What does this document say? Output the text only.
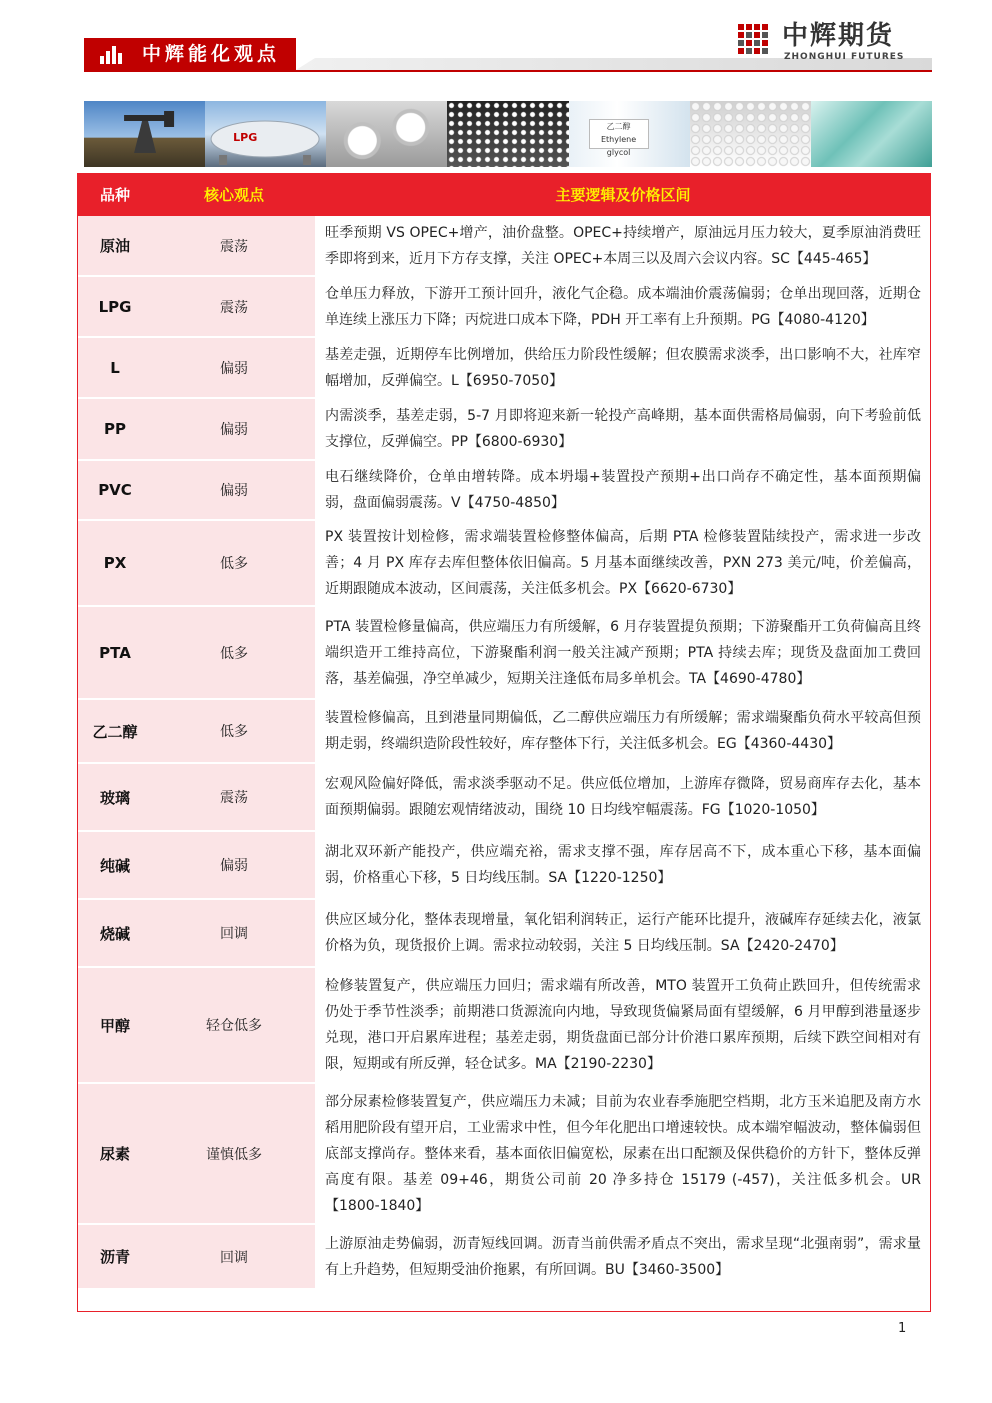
中辉能化观点
中辉期货
ZHONGHUI FUTURES
LPG
乙二醇 Ethylene glycol
品种	核心观点	主要逻辑及价格区间
原油	震荡	旺季预期 VS OPEC+增产，油价盘整。OPEC+持续增产，原油远月压力较大，夏季原油消费旺季即将到来，近月下方存支撑，关注 OPEC+本周三以及周六会议内容。SC【445-465】
LPG	震荡	仓单压力释放，下游开工预计回升，液化气企稳。成本端油价震荡偏弱；仓单出现回落，近期仓单连续上涨压力下降；丙烷进口成本下降，PDH 开工率有上升预期。PG【4080-4120】
L	偏弱	基差走强，近期停车比例增加，供给压力阶段性缓解；但农膜需求淡季，出口影响不大，社库窄幅增加，反弹偏空。L【6950-7050】
PP	偏弱	内需淡季，基差走弱，5-7 月即将迎来新一轮投产高峰期，基本面供需格局偏弱，向下考验前低支撑位，反弹偏空。PP【6800-6930】
PVC	偏弱	电石继续降价，仓单由增转降。成本坍塌+装置投产预期+出口尚存不确定性，基本面预期偏弱，盘面偏弱震荡。V【4750-4850】
PX	低多	PX 装置按计划检修，需求端装置检修整体偏高，后期 PTA 检修装置陆续投产，需求进一步改善；4 月 PX 库存去库但整体依旧偏高。5 月基本面继续改善，PXN 273 美元/吨，价差偏高，近期跟随成本波动，区间震荡，关注低多机会。PX【6620-6730】
PTA	低多	PTA 装置检修量偏高，供应端压力有所缓解，6 月存装置提负预期；下游聚酯开工负荷偏高且终端织造开工维持高位，下游聚酯利润一般关注减产预期；PTA 持续去库；现货及盘面加工费回落，基差偏强，净空单减少，短期关注逢低布局多单机会。TA【4690-4780】
乙二醇	低多	装置检修偏高，且到港量同期偏低，乙二醇供应端压力有所缓解；需求端聚酯负荷水平较高但预期走弱，终端织造阶段性较好，库存整体下行，关注低多机会。EG【4360-4430】
玻璃	震荡	宏观风险偏好降低，需求淡季驱动不足。供应低位增加，上游库存微降，贸易商库存去化，基本面预期偏弱。跟随宏观情绪波动，围绕 10 日均线窄幅震荡。FG【1020-1050】
纯碱	偏弱	湖北双环新产能投产，供应端充裕，需求支撑不强，库存居高不下，成本重心下移，基本面偏弱，价格重心下移，5 日均线压制。SA【1220-1250】
烧碱	回调	供应区域分化，整体表现增量，氧化铝利润转正，运行产能环比提升，液碱库存延续去化，液氯价格为负，现货报价上调。需求拉动较弱，关注 5 日均线压制。SA【2420-2470】
甲醇	轻仓低多	检修装置复产，供应端压力回归；需求端有所改善，MTO 装置开工负荷止跌回升，但传统需求仍处于季节性淡季；前期港口货源流向内地，导致现货偏紧局面有望缓解，6 月甲醇到港量逐步兑现，港口开启累库进程；基差走弱，期货盘面已部分计价港口累库预期，后续下跌空间相对有限，短期或有所反弹，轻仓试多。MA【2190-2230】
尿素	谨慎低多	部分尿素检修装置复产，供应端压力未减；目前为农业春季施肥空档期，北方玉米追肥及南方水稻用肥阶段有望开启，工业需求中性，但今年化肥出口增速较快。成本端窄幅波动，整体偏弱但底部支撑尚存。整体来看，基本面依旧偏宽松，尿素在出口配额及保供稳价的方针下，整体反弹高度有限。基差 09+46，期货公司前 20 净多持仓 15179 (-457)，关注低多机会。UR【1800-1840】
沥青	回调	上游原油走势偏弱，沥青短线回调。沥青当前供需矛盾点不突出，需求呈现“北强南弱”，需求量有上升趋势，但短期受油价拖累，有所回调。BU【3460-3500】
1
